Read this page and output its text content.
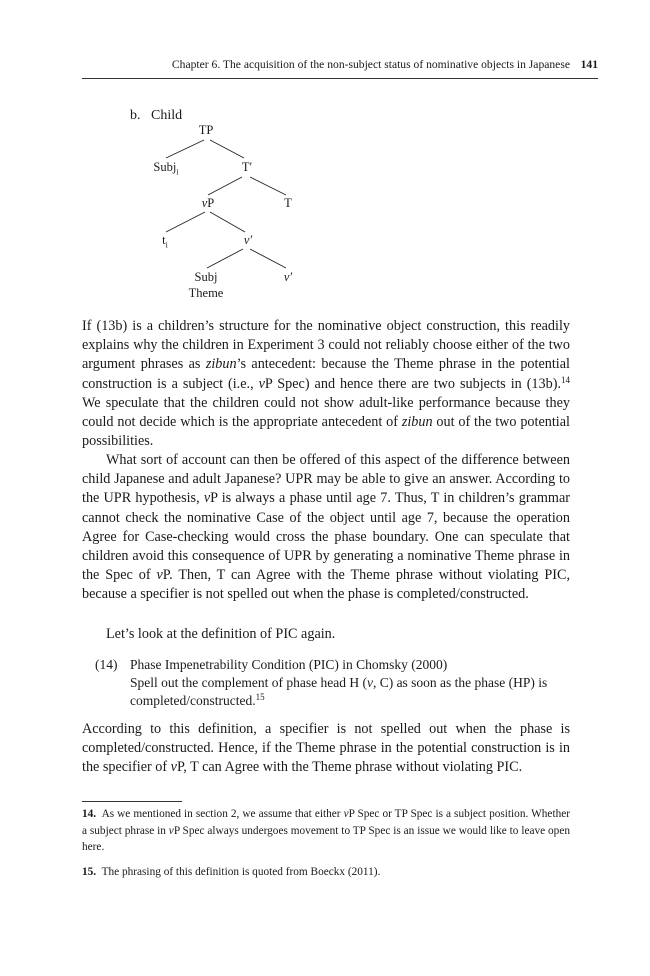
Chapter 6. The acquisition of the non-subject status of nominative objects in Japanese 141
b. Child
TP
Subj$_i$	T′
vP	T
$t_i$	v′
Subj
Theme
v′

If (13b) is a children’s structure for the nominative object construction, this readily explains why the children in Experiment 3 could not reliably choose either of the two argument phrases as zibun’s antecedent: because the Theme phrase in the potential construction is a subject (i.e., vP Spec) and hence there are two subjects in (13b).$^{14}$ We speculate that the children could not show adult-like performance because they could not decide which is the appropriate antecedent of zibun out of the two potential possibilities.

What sort of account can then be offered of this aspect of the difference between child Japanese and adult Japanese? UPR may be able to give an answer. According to the UPR hypothesis, vP is always a phase until age 7. Thus, T in children’s grammar cannot check the nominative Case of the object until age 7, because the operation Agree for Case-checking would cross the phase boundary. One can speculate that children avoid this consequence of UPR by generating a nominative Theme phrase in the Spec of vP. Then, T can Agree with the Theme phrase without violating PIC, because a specifier is not spelled out when the phase is completed/constructed.

Let’s look at the definition of PIC again.

(14) Phase Impenetrability Condition (PIC) in Chomsky (2000)
Spell out the complement of phase head H (v, C) as soon as the phase (HP) is completed/constructed.$^{15}$

According to this definition, a specifier is not spelled out when the phase is completed/constructed. Hence, if the Theme phrase in the potential construction is in the specifier of vP, T can Agree with the Theme phrase without violating PIC.

14. As we mentioned in section 2, we assume that either vP Spec or TP Spec is a subject position. Whether a subject phrase in vP Spec always undergoes movement to TP Spec is an issue we would like to leave open here.

15. The phrasing of this definition is quoted from Boeckx (2011).
